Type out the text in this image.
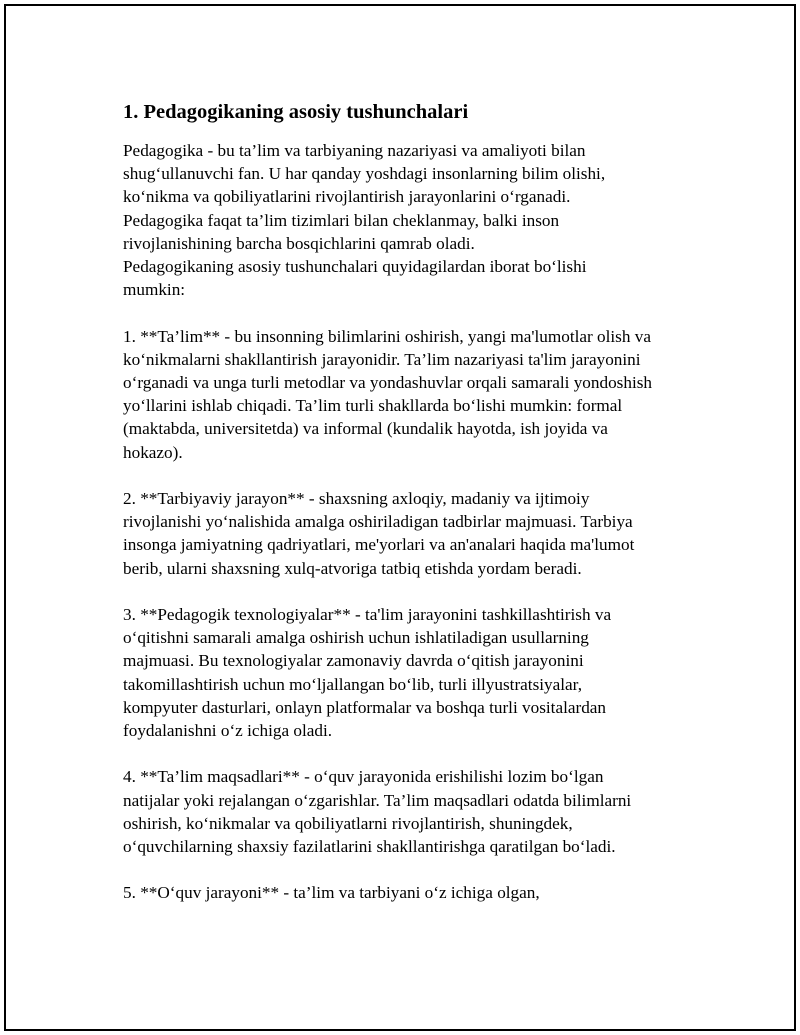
1. Pedagogikaning asosiy tushunchalari

Pedagogika - bu ta’lim va tarbiyaning nazariyasi va amaliyoti bilan
shug‘ullanuvchi fan. U har qanday yoshdagi insonlarning bilim olishi,
ko‘nikma va qobiliyatlarini rivojlantirish jarayonlarini o‘rganadi.
Pedagogika faqat ta’lim tizimlari bilan cheklanmay, balki inson
rivojlanishining barcha bosqichlarini qamrab oladi.
Pedagogikaning asosiy tushunchalari quyidagilardan iborat bo‘lishi
mumkin:

1. **Ta’lim** - bu insonning bilimlarini oshirish, yangi ma'lumotlar olish va
ko‘nikmalarni shakllantirish jarayonidir. Ta’lim nazariyasi ta'lim jarayonini
o‘rganadi va unga turli metodlar va yondashuvlar orqali samarali yondoshish
yo‘llarini ishlab chiqadi. Ta’lim turli shakllarda bo‘lishi mumkin: formal
(maktabda, universitetda) va informal (kundalik hayotda, ish joyida va
hokazo).

2. **Tarbiyaviy jarayon** - shaxsning axloqiy, madaniy va ijtimoiy
rivojlanishi yo‘nalishida amalga oshiriladigan tadbirlar majmuasi. Tarbiya
insonga jamiyatning qadriyatlari, me'yorlari va an'analari haqida ma'lumot
berib, ularni shaxsning xulq-atvoriga tatbiq etishda yordam beradi.

3. **Pedagogik texnologiyalar** - ta'lim jarayonini tashkillashtirish va
o‘qitishni samarali amalga oshirish uchun ishlatiladigan usullarning
majmuasi. Bu texnologiyalar zamonaviy davrda o‘qitish jarayonini
takomillashtirish uchun mo‘ljallangan bo‘lib, turli illyustratsiyalar,
kompyuter dasturlari, onlayn platformalar va boshqa turli vositalardan
foydalanishni o‘z ichiga oladi.

4. **Ta’lim maqsadlari** - o‘quv jarayonida erishilishi lozim bo‘lgan
natijalar yoki rejalangan o‘zgarishlar. Ta’lim maqsadlari odatda bilimlarni
oshirish, ko‘nikmalar va qobiliyatlarni rivojlantirish, shuningdek,
o‘quvchilarning shaxsiy fazilatlarini shakllantirishga qaratilgan bo‘ladi.

5. **O‘quv jarayoni** - ta’lim va tarbiyani o‘z ichiga olgan,
